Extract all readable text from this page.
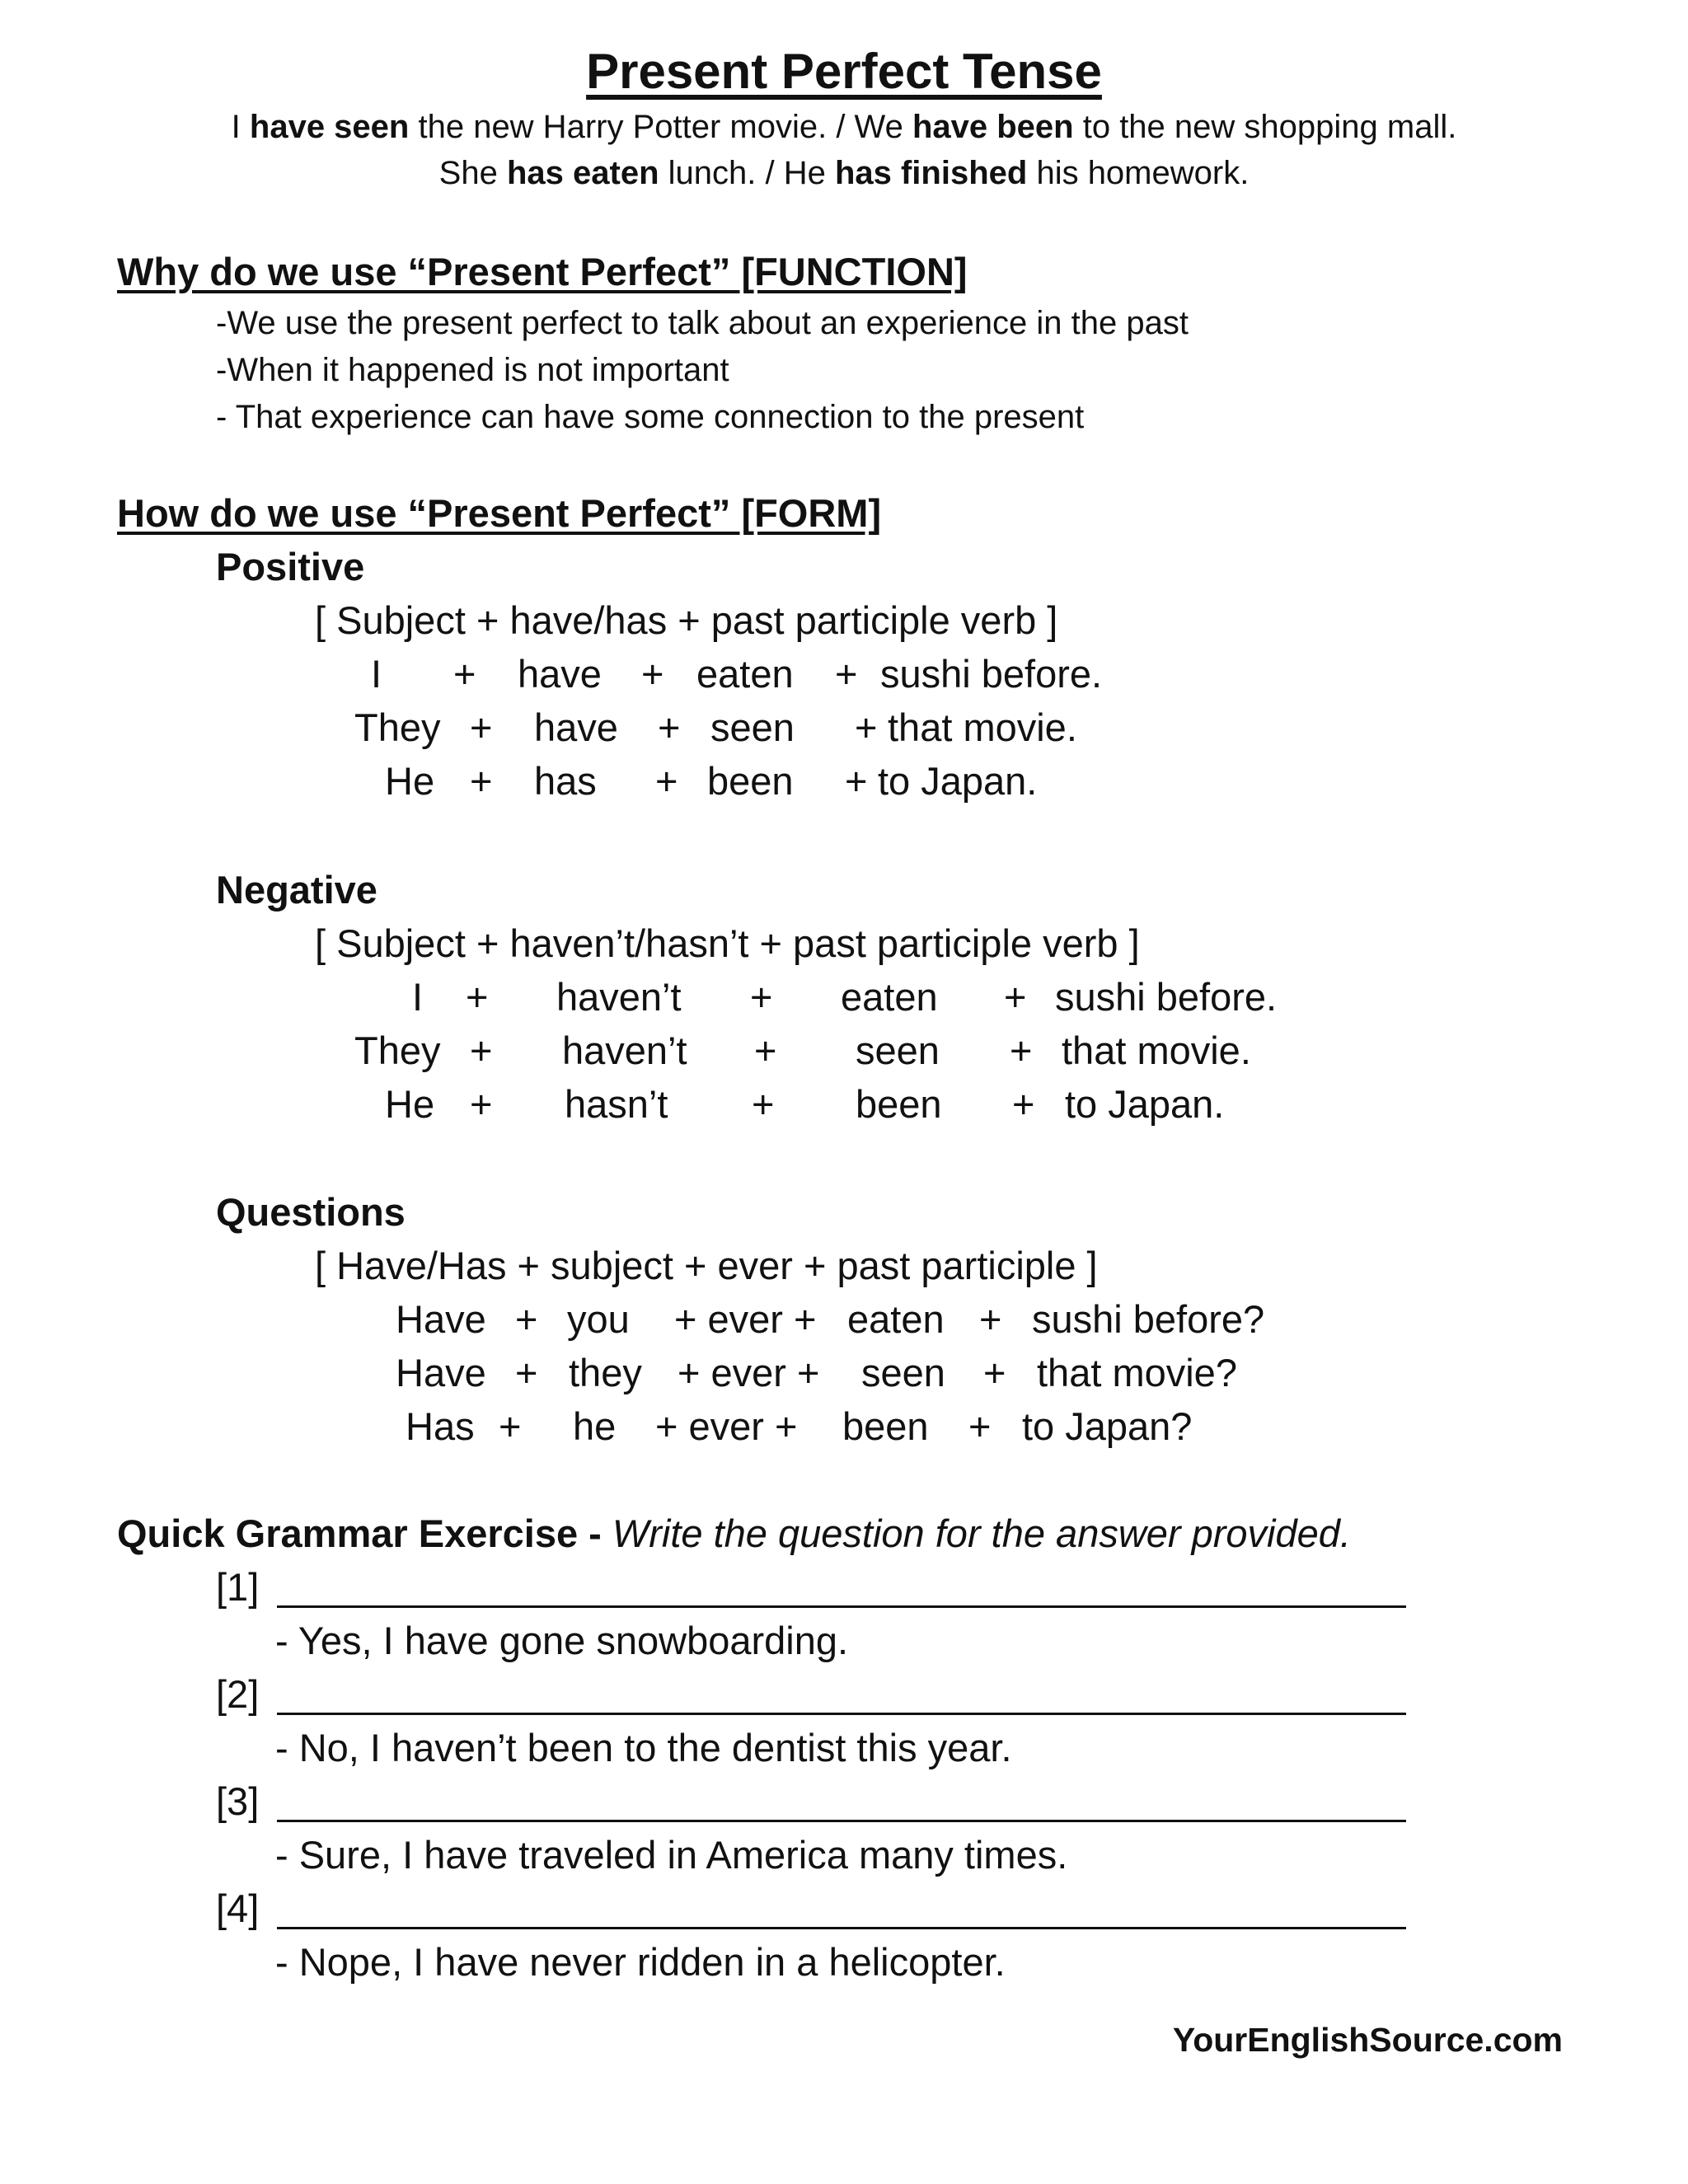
Present Perfect Tense
I have seen the new Harry Potter movie. / We have been to the new shopping mall.
She has eaten lunch. / He has finished his homework.
Why do we use “Present Perfect” [FUNCTION]
-We use the present perfect to talk about an experience in the past
-When it happened is not important
- That experience can have some connection to the present
How do we use “Present Perfect” [FORM]
Positive
[ Subject + have/has + past participle verb ]
I + have + eaten + sushi before.
They + have + seen + that movie.
He + has + been + to Japan.
Negative
[ Subject + haven’t/hasn’t + past participle verb ]
I + haven’t + eaten + sushi before.
They + haven’t + seen + that movie.
He + hasn’t + been + to Japan.
Questions
[ Have/Has + subject + ever + past participle ]
Have + you + ever + eaten + sushi before?
Have + they + ever + seen + that movie?
Has + he + ever + been + to Japan?
Quick Grammar Exercise - Write the question for the answer provided.
[1]
- Yes, I have gone snowboarding.
[2]
- No, I haven’t been to the dentist this year.
[3]
- Sure, I have traveled in America many times.
[4]
- Nope, I have never ridden in a helicopter.
YourEnglishSource.com
